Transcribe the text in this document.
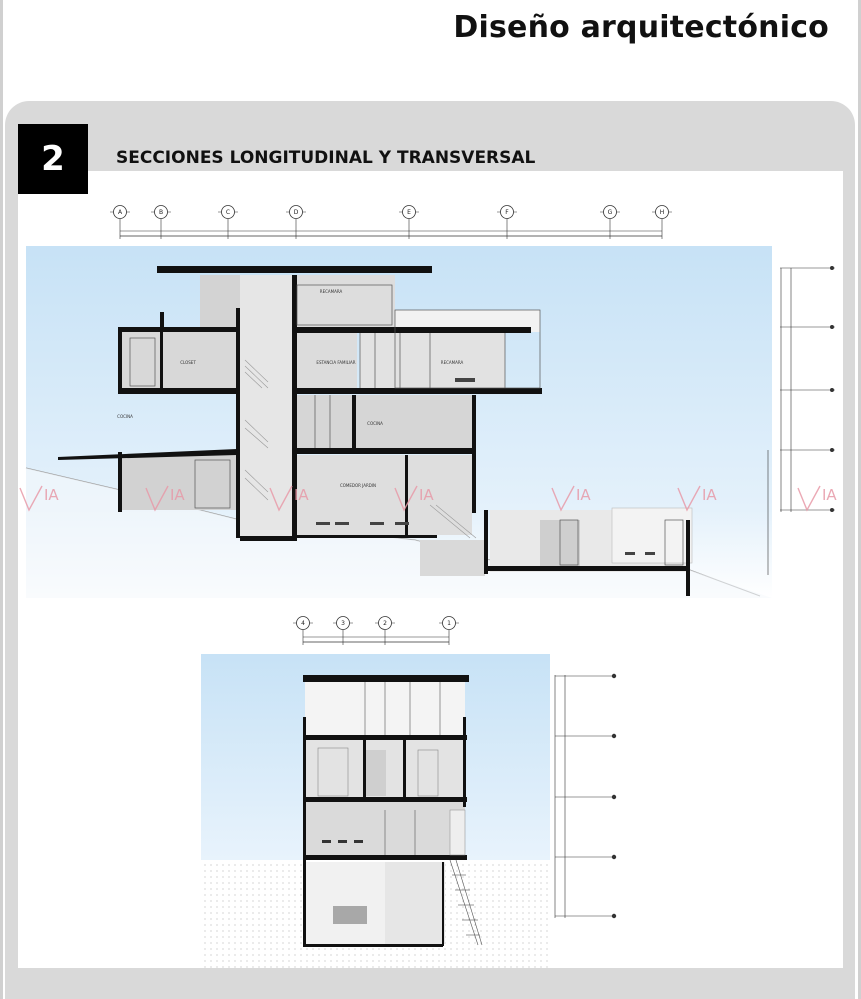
Diseño arquitectónico
2	SECCIONES LONGITUDINAL Y TRANSVERSAL
A	B	C	D	E	F	G	H
RECAMARA
CLOSET	ESTANCIA FAMILIAR	RECAMARA
COCINA
COCINA
COMEDOR JARDIN
4	3	2	1
IA	IA	IA	IA	IA	IA	IA
